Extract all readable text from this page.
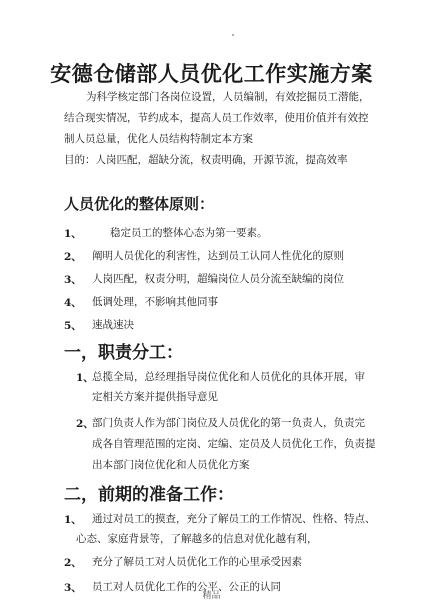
安德仓储部人员优化工作实施方案
为科学核定部门各岗位设置，人员编制，有效挖掘员工潜能，
结合现实情况，节约成本，提高人员工作效率，使用价值并有效控
制人员总量，优化人员结构特制定本方案
目的：人岗匹配，超缺分流，权责明确，开源节流，提高效率
人员优化的整体原则：
1、	稳定员工的整体心态为第一要素。
2、 阐明人员优化的利害性，达到员工认同人性优化的原则
3、 人岗匹配，权责分明，超编岗位人员分流至缺编的岗位
4、 低调处理，不影响其他同事
5、 速战速决
一，职责分工：
1、
总揽全局，总经理指导岗位优化和人员优化的具体开展，审
定相关方案并提供指导意见
2、
部门负责人作为部门岗位及人员优化的第一负责人，负责完
成各自管理范围的定岗、定编、定员及人员优化工作，负责提
出本部门岗位优化和人员优化方案
二，前期的准备工作：
1、 通过对员工的摸查，充分了解员工的工作情况、性格、特点、
心态、家庭背景等，了解越多的信息对优化越有利，
2、 充分了解员工对人员优化工作的心里承受因素
3、 员工对人员优化工作的公平、公正的认同
精品
